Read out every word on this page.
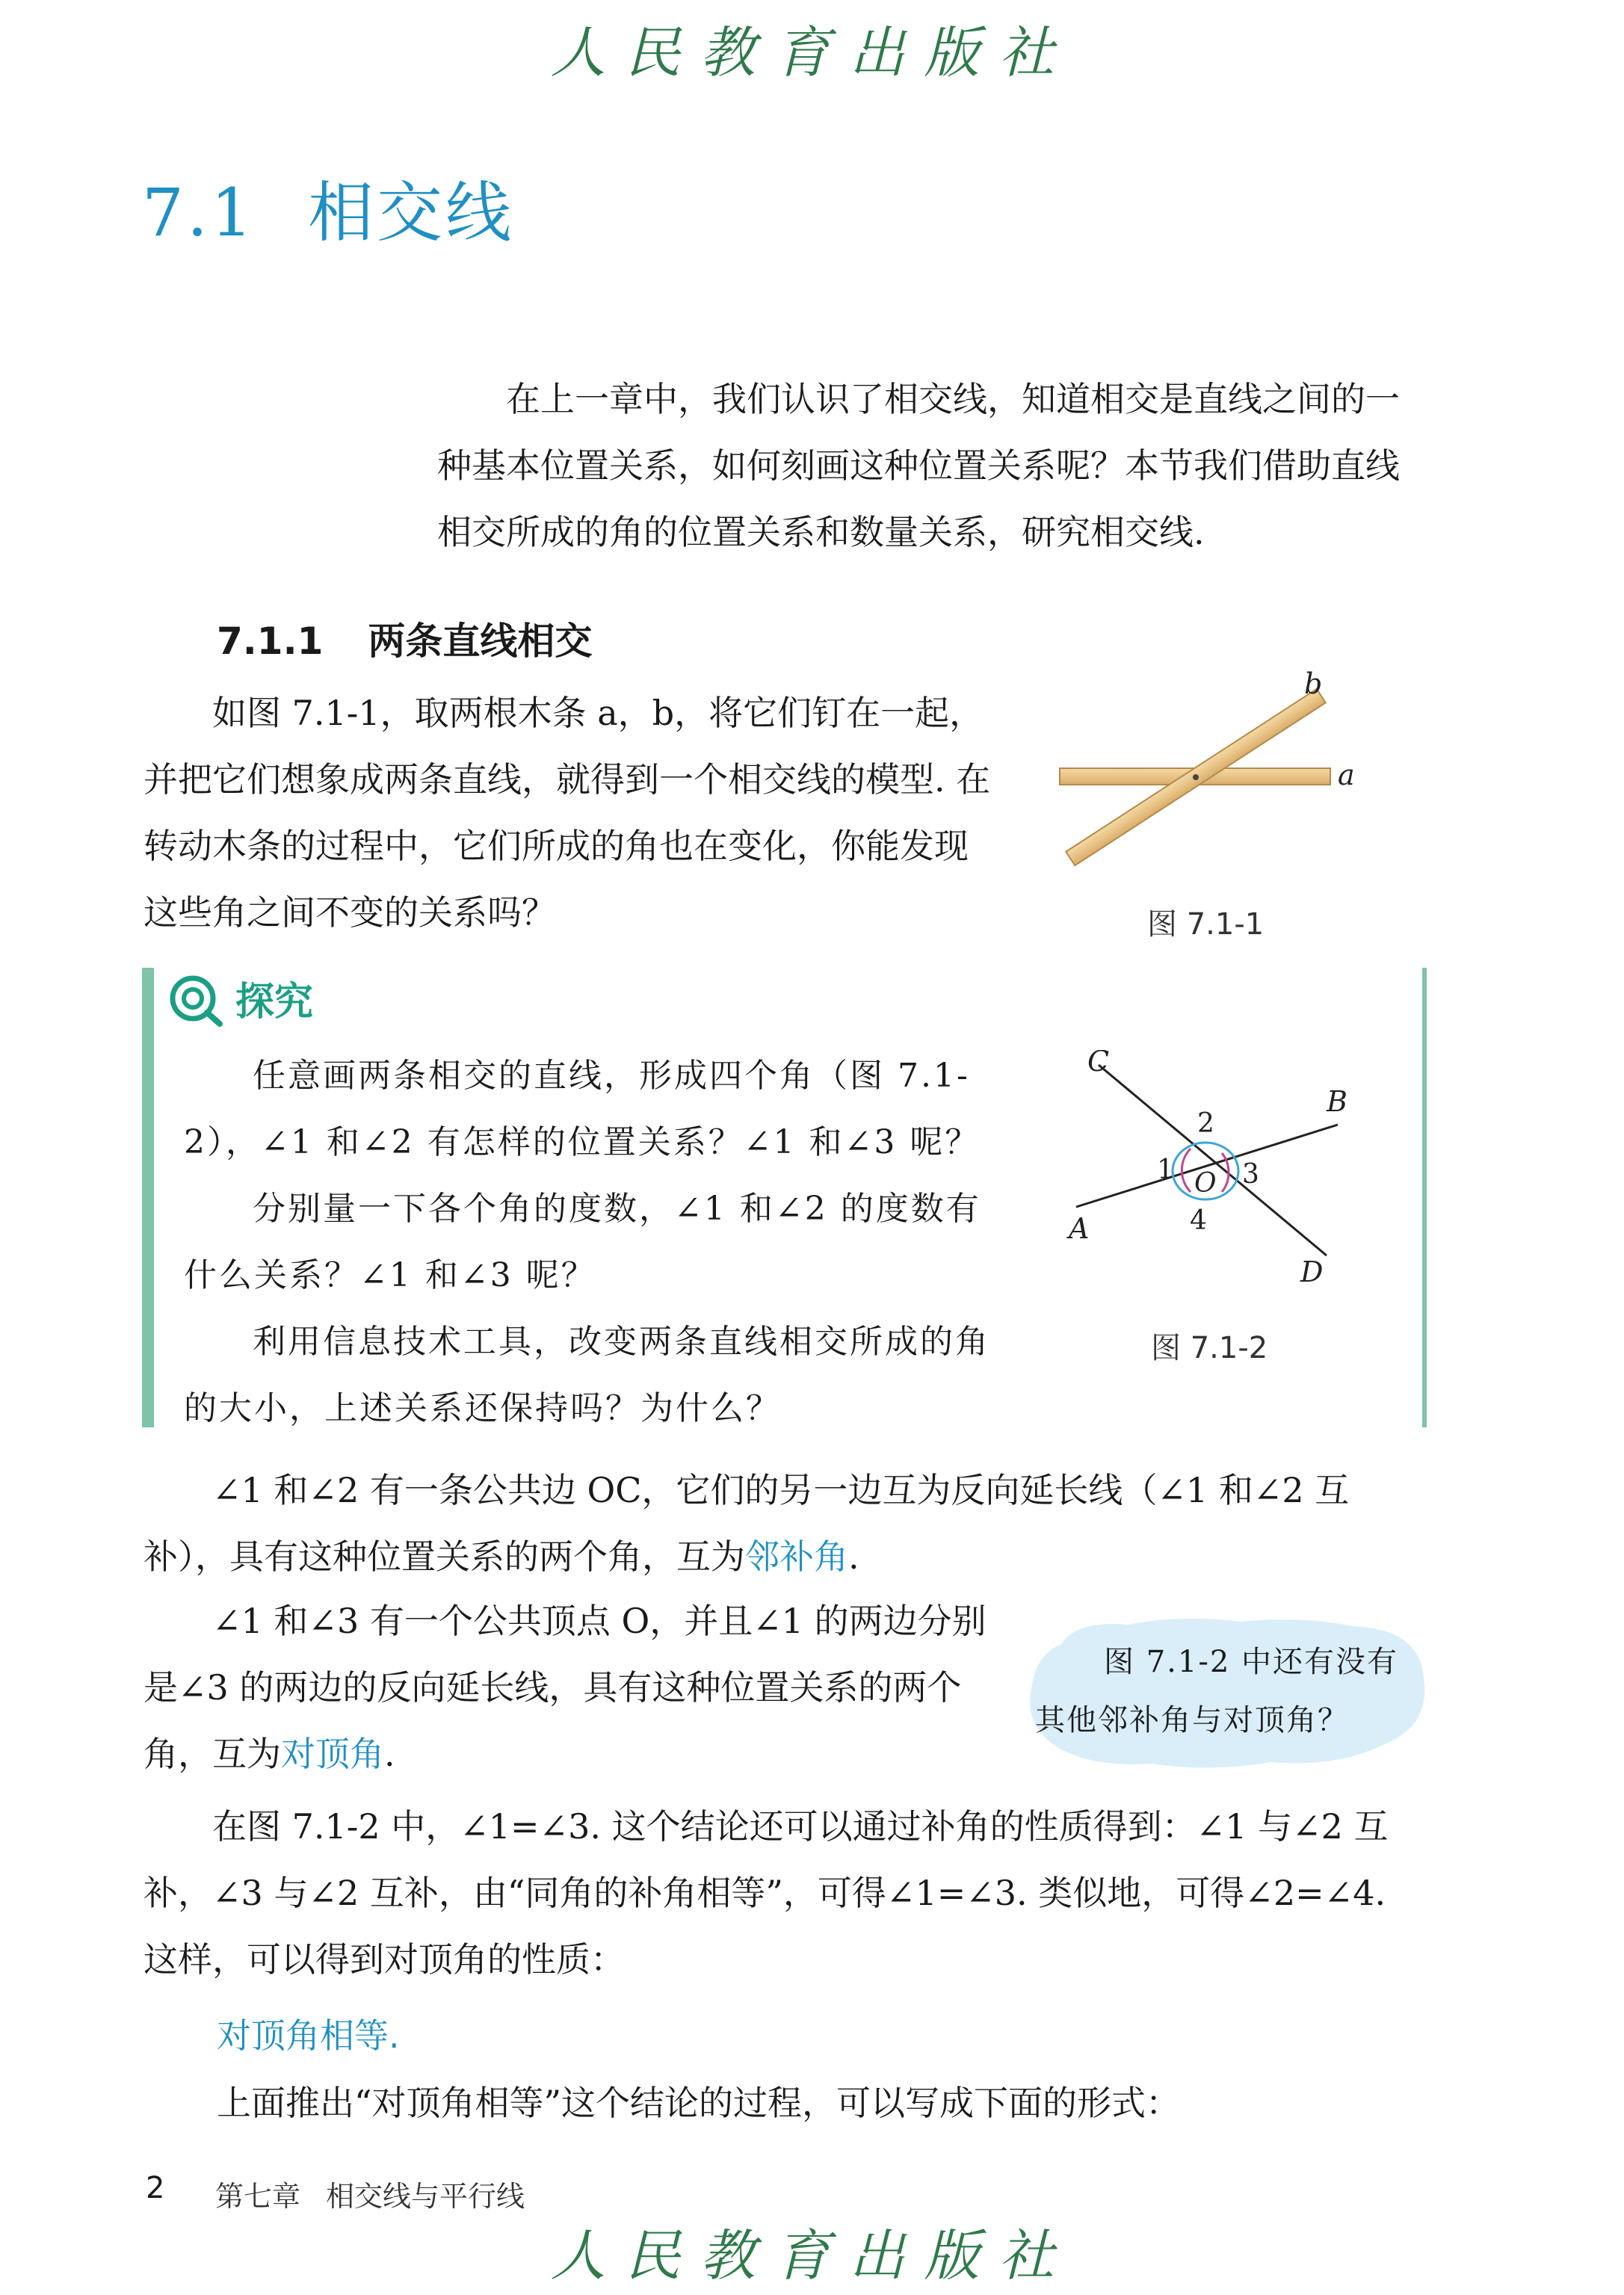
人民教育出版社
7.1 相交线
在上一章中，我们认识了相交线，知道相交是直线之间的一种基本位置关系，如何刻画这种位置关系呢？本节我们借助直线相交所成的角的位置关系和数量关系，研究相交线.
7.1.1 两条直线相交
如图 7.1-1，取两根木条 a，b，将它们钉在一起，并把它们想象成两条直线，就得到一个相交线的模型. 在转动木条的过程中，它们所成的角也在变化，你能发现这些角之间不变的关系吗？
b
a
图 7.1-1
探究
任意画两条相交的直线，形成四个角（图 7.1-2），∠1 和∠2 有怎样的位置关系？∠1 和∠3 呢？
分别量一下各个角的度数，∠1 和∠2 的度数有什么关系？∠1 和∠3 呢？
利用信息技术工具，改变两条直线相交所成的角的大小，上述关系还保持吗？为什么？
C
B
A
D
O
2
1	3
4
图 7.1-2
∠1 和∠2 有一条公共边 OC，它们的另一边互为反向延长线（∠1 和∠2 互补），具有这种位置关系的两个角，互为邻补角.
∠1 和∠3 有一个公共顶点 O，并且∠1 的两边分别是∠3 的两边的反向延长线，具有这种位置关系的两个角，互为对顶角.
图 7.1-2 中还有没有其他邻补角与对顶角？
在图 7.1-2 中，∠1=∠3. 这个结论还可以通过补角的性质得到：∠1 与∠2 互补，∠3 与∠2 互补，由“同角的补角相等”，可得∠1=∠3. 类似地，可得∠2=∠4. 这样，可以得到对顶角的性质：
对顶角相等.
上面推出“对顶角相等”这个结论的过程，可以写成下面的形式：
2 第七章 相交线与平行线
人民教育出版社
